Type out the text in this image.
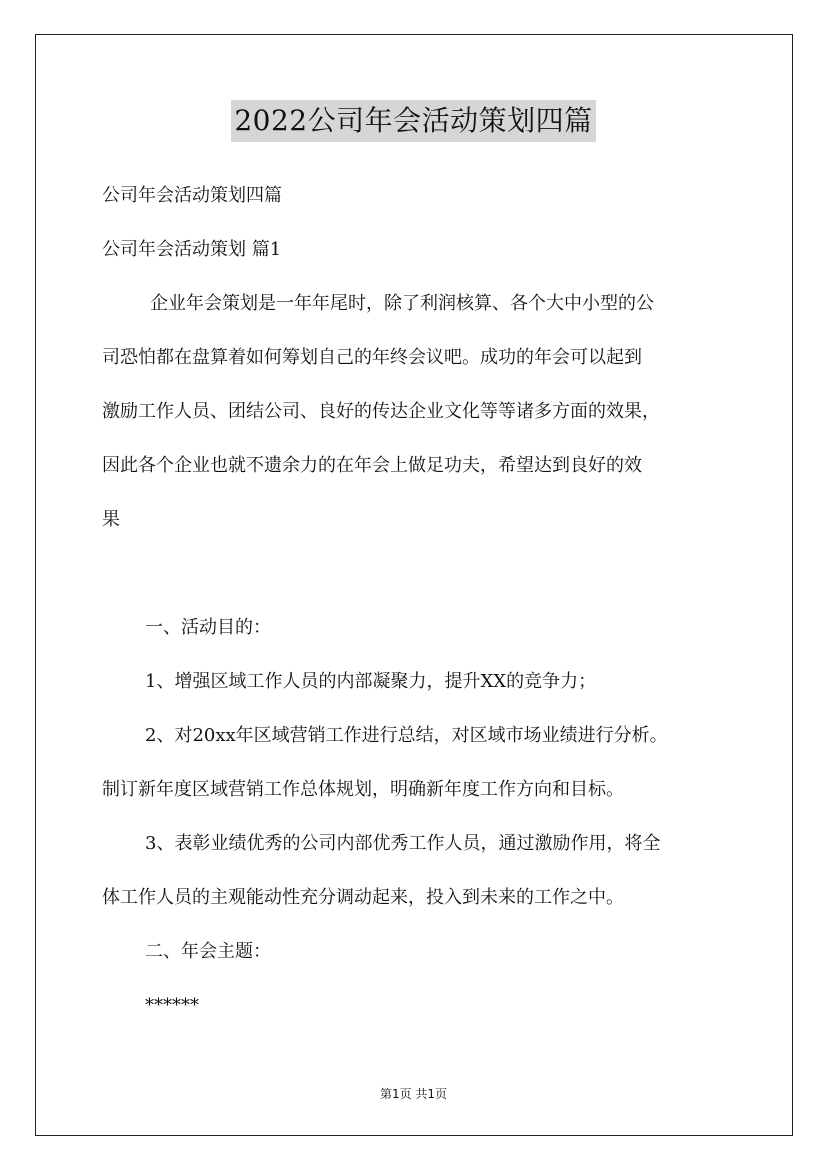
2022公司年会活动策划四篇
公司年会活动策划四篇
公司年会活动策划 篇1
企业年会策划是一年年尾时，除了利润核算、各个大中小型的公
司恐怕都在盘算着如何筹划自己的年终会议吧。成功的年会可以起到
激励工作人员、团结公司、良好的传达企业文化等等诸多方面的效果，
因此各个企业也就不遗余力的在年会上做足功夫，希望达到良好的效
果
一、活动目的：
1、增强区域工作人员的内部凝聚力，提升XX的竞争力；
2、对20xx年区域营销工作进行总结，对区域市场业绩进行分析。
制订新年度区域营销工作总体规划，明确新年度工作方向和目标。
3、表彰业绩优秀的公司内部优秀工作人员，通过激励作用，将全
体工作人员的主观能动性充分调动起来，投入到未来的工作之中。
二、年会主题：
******
第1页 共1页
